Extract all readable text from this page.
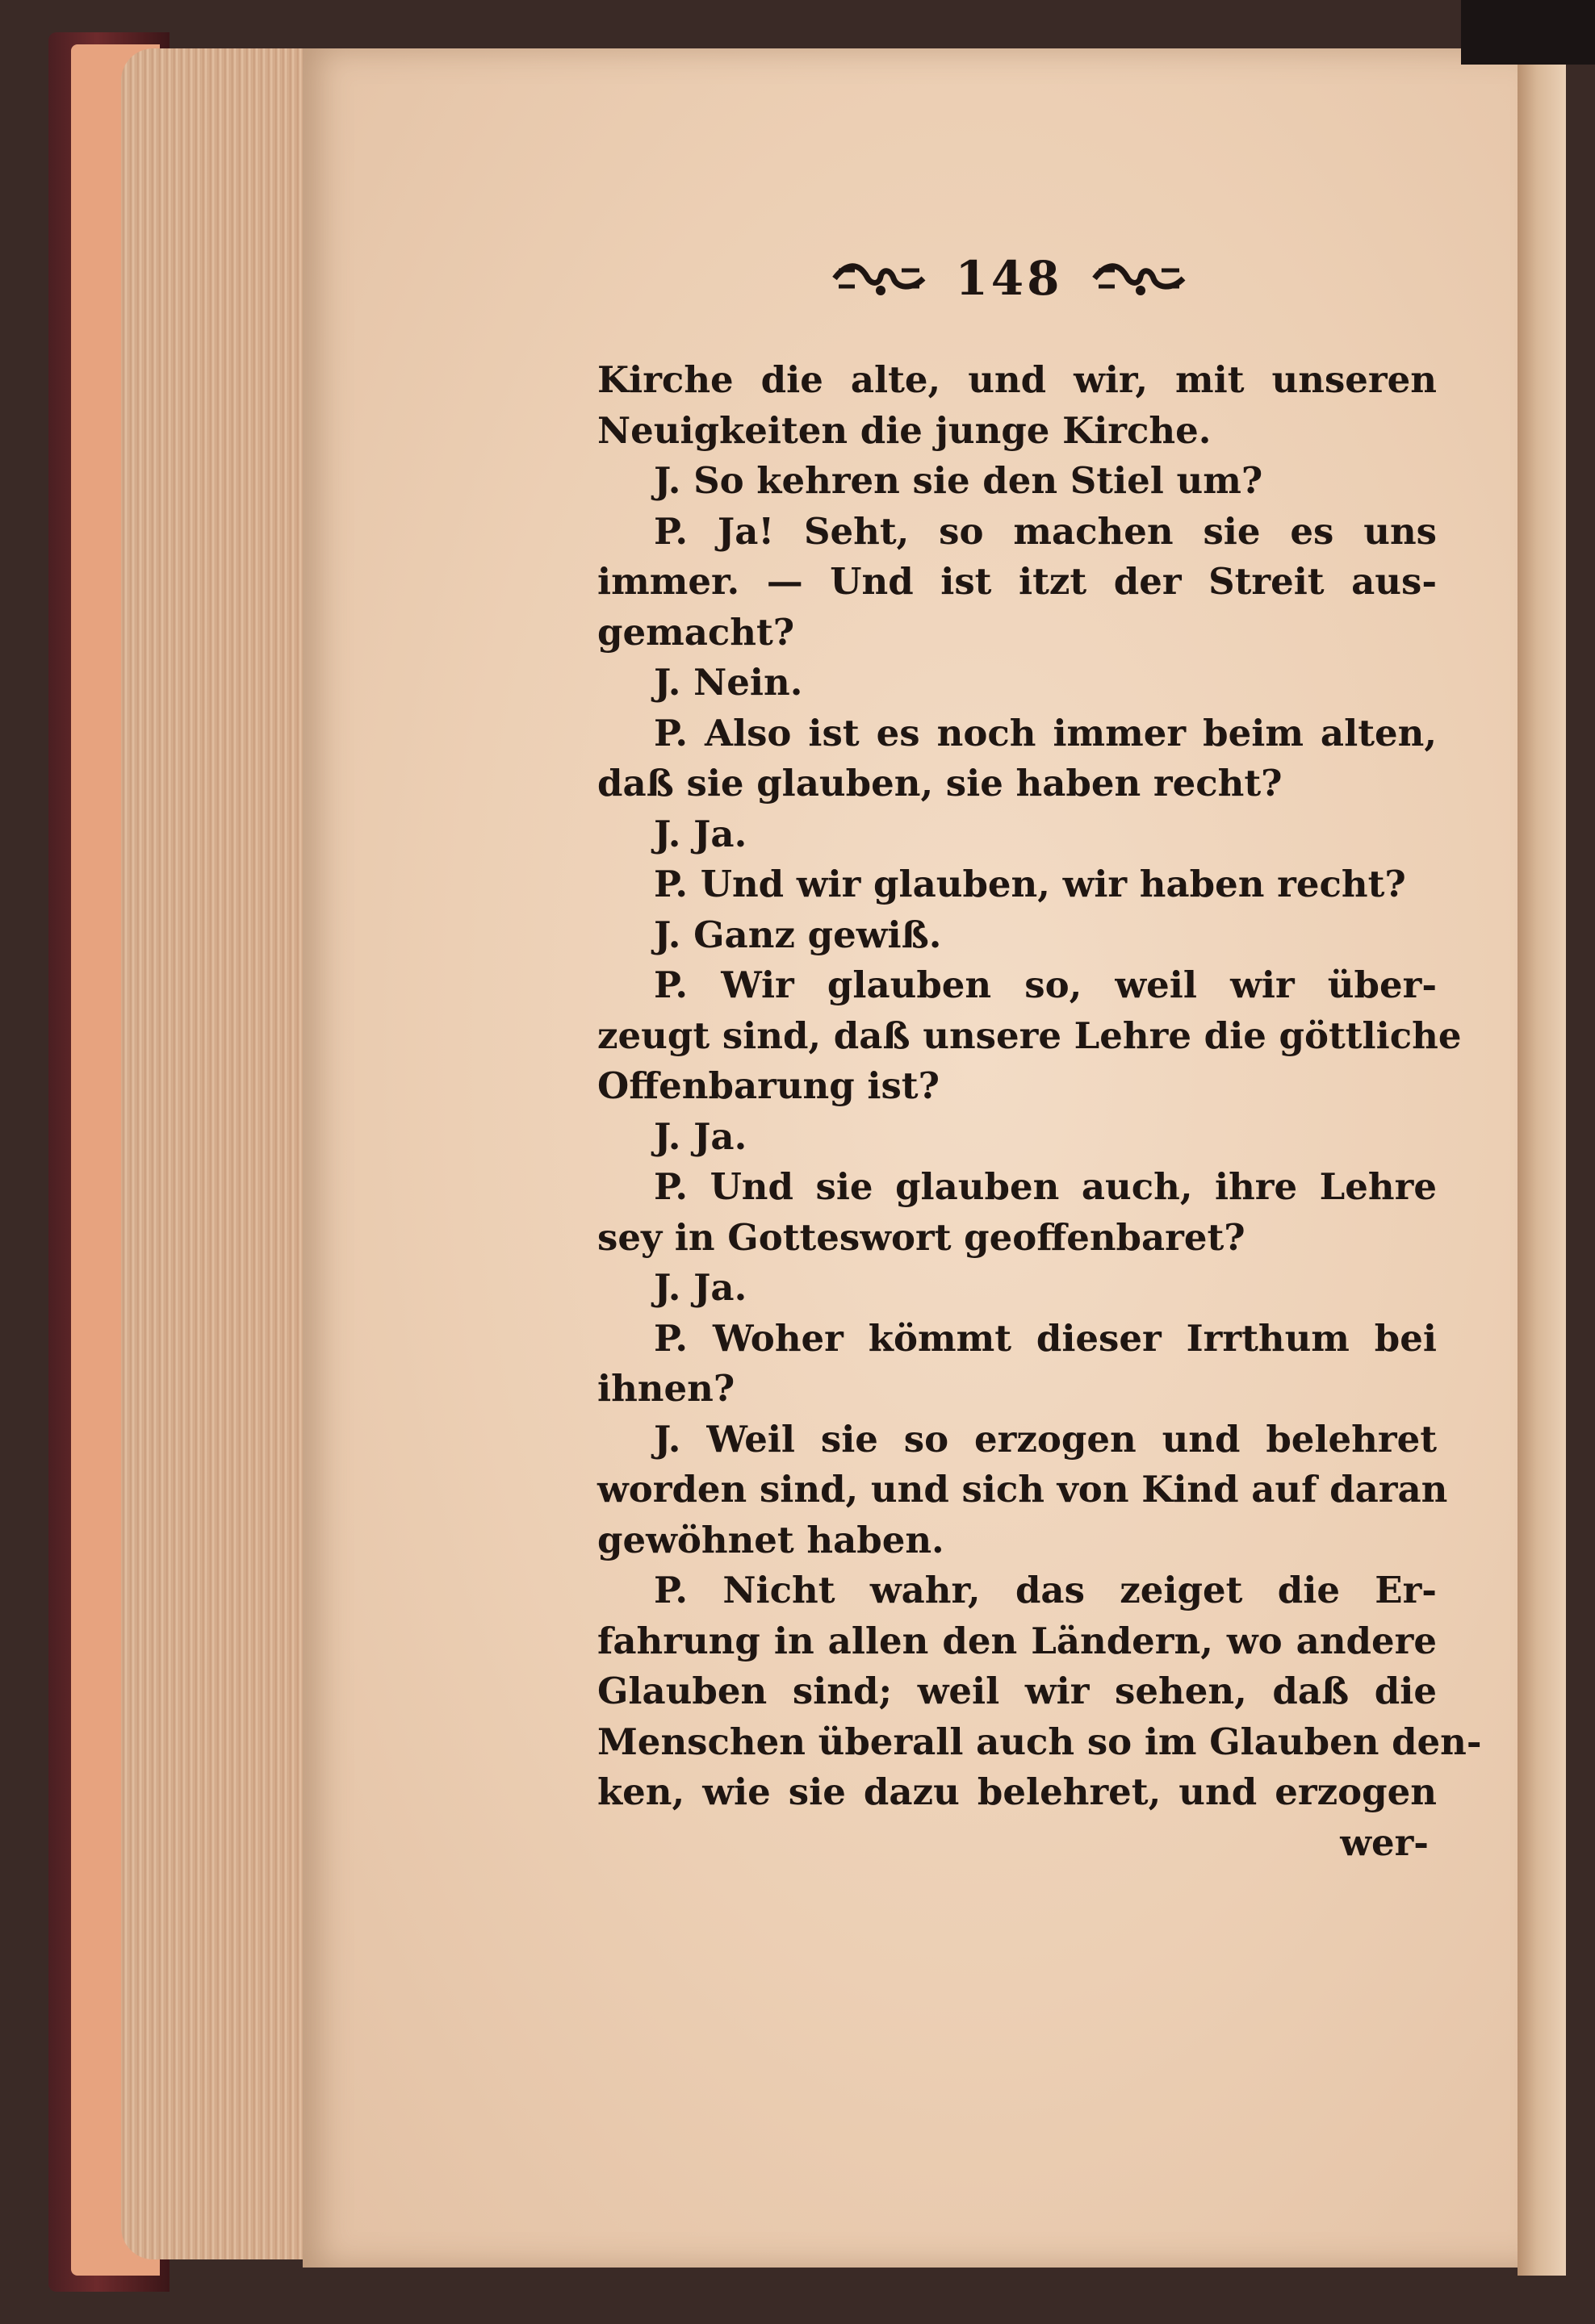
148
Kirche die alte, und wir, mit unseren
Neuigkeiten die junge Kirche.
J. So kehren sie den Stiel um?
P. Ja! Seht, so machen sie es uns
immer. — Und ist itzt der Streit aus-
gemacht?
J. Nein.
P. Also ist es noch immer beim alten,
daß sie glauben, sie haben recht?
J. Ja.
P. Und wir glauben, wir haben recht?
J. Ganz gewiß.
P. Wir glauben so, weil wir über-
zeugt sind, daß unsere Lehre die göttliche
Offenbarung ist?
J. Ja.
P. Und sie glauben auch, ihre Lehre
sey in Gotteswort geoffenbaret?
J. Ja.
P. Woher kömmt dieser Irrthum bei
ihnen?
J. Weil sie so erzogen und belehret
worden sind, und sich von Kind auf daran
gewöhnet haben.
P. Nicht wahr, das zeiget die Er-
fahrung in allen den Ländern, wo andere
Glauben sind; weil wir sehen, daß die
Menschen überall auch so im Glauben den-
ken, wie sie dazu belehret, und erzogen
wer-
